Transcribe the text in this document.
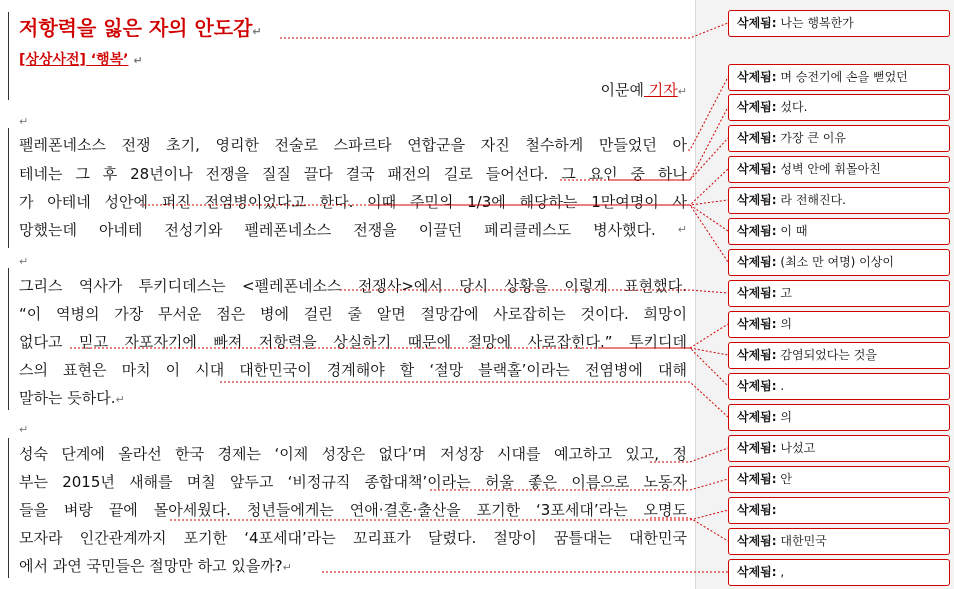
저항력을 잃은 자의 안도감↵
[상상사전] ‘행복’ ↵
이문예 기자↵
↵
펠레폰네소스 전쟁 초기, 영리한 전술로 스파르타 연합군을 자진 철수하게 만들었던 아
테네는 그 후 28년이나 전쟁을 질질 끌다 결국 패전의 길로 들어선다. 그 요인 중 하나
가 아테네 성안에 퍼진 전염병이었다고 한다. 이때 주민의 1/3에 해당하는 1만여명이 사
망했는데 아네테 전성기와 펠레폰네소스 전쟁을 이끌던 페리클레스도 병사했다. ↵
↵
그리스 역사가 투키디데스는 <펠레폰네소스 전쟁사>에서 당시 상황을 이렇게 표현했다.
“이 역병의 가장 무서운 점은 병에 걸린 줄 알면 절망감에 사로잡히는 것이다. 희망이
없다고 믿고 자포자기에 빠져 저항력을 상실하기 때문에 절망에 사로잡힌다.” 투키디데
스의 표현은 마치 이 시대 대한민국이 경계해야 할 ‘절망 블랙홀’이라는 전염병에 대해
말하는 듯하다.↵
↵
성숙 단계에 올라선 한국 경제는 ‘이제 성장은 없다’며 저성장 시대를 예고하고 있고, 정
부는 2015년 새해를 며칠 앞두고 ‘비정규직 종합대책’이라는 허울 좋은 이름으로 노동자
들을 벼랑 끝에 몰아세웠다. 청년들에게는 연애·결혼·출산을 포기한 ‘3포세대’라는 오명도
모자라 인간관계까지 포기한 ‘4포세대’라는 꼬리표가 달렸다. 절망이 꿈틀대는 대한민국
에서 과연 국민들은 절망만 하고 있을까?↵
삭제됨: 나는 행복한가
삭제됨: 며 승전기에 손을 뻗었던
삭제됨: 섰다.
삭제됨: 가장 큰 이유
삭제됨: 성벽 안에 휘몰아친
삭제됨: 라 전해진다.
삭제됨: 이 때
삭제됨: (최소 만 여명) 이상이
삭제됨: 고
삭제됨: 의
삭제됨: 감염되었다는 것을
삭제됨: .
삭제됨: 의
삭제됨: 나섰고
삭제됨: 안
삭제됨:
삭제됨: 대한민국
삭제됨: ,
